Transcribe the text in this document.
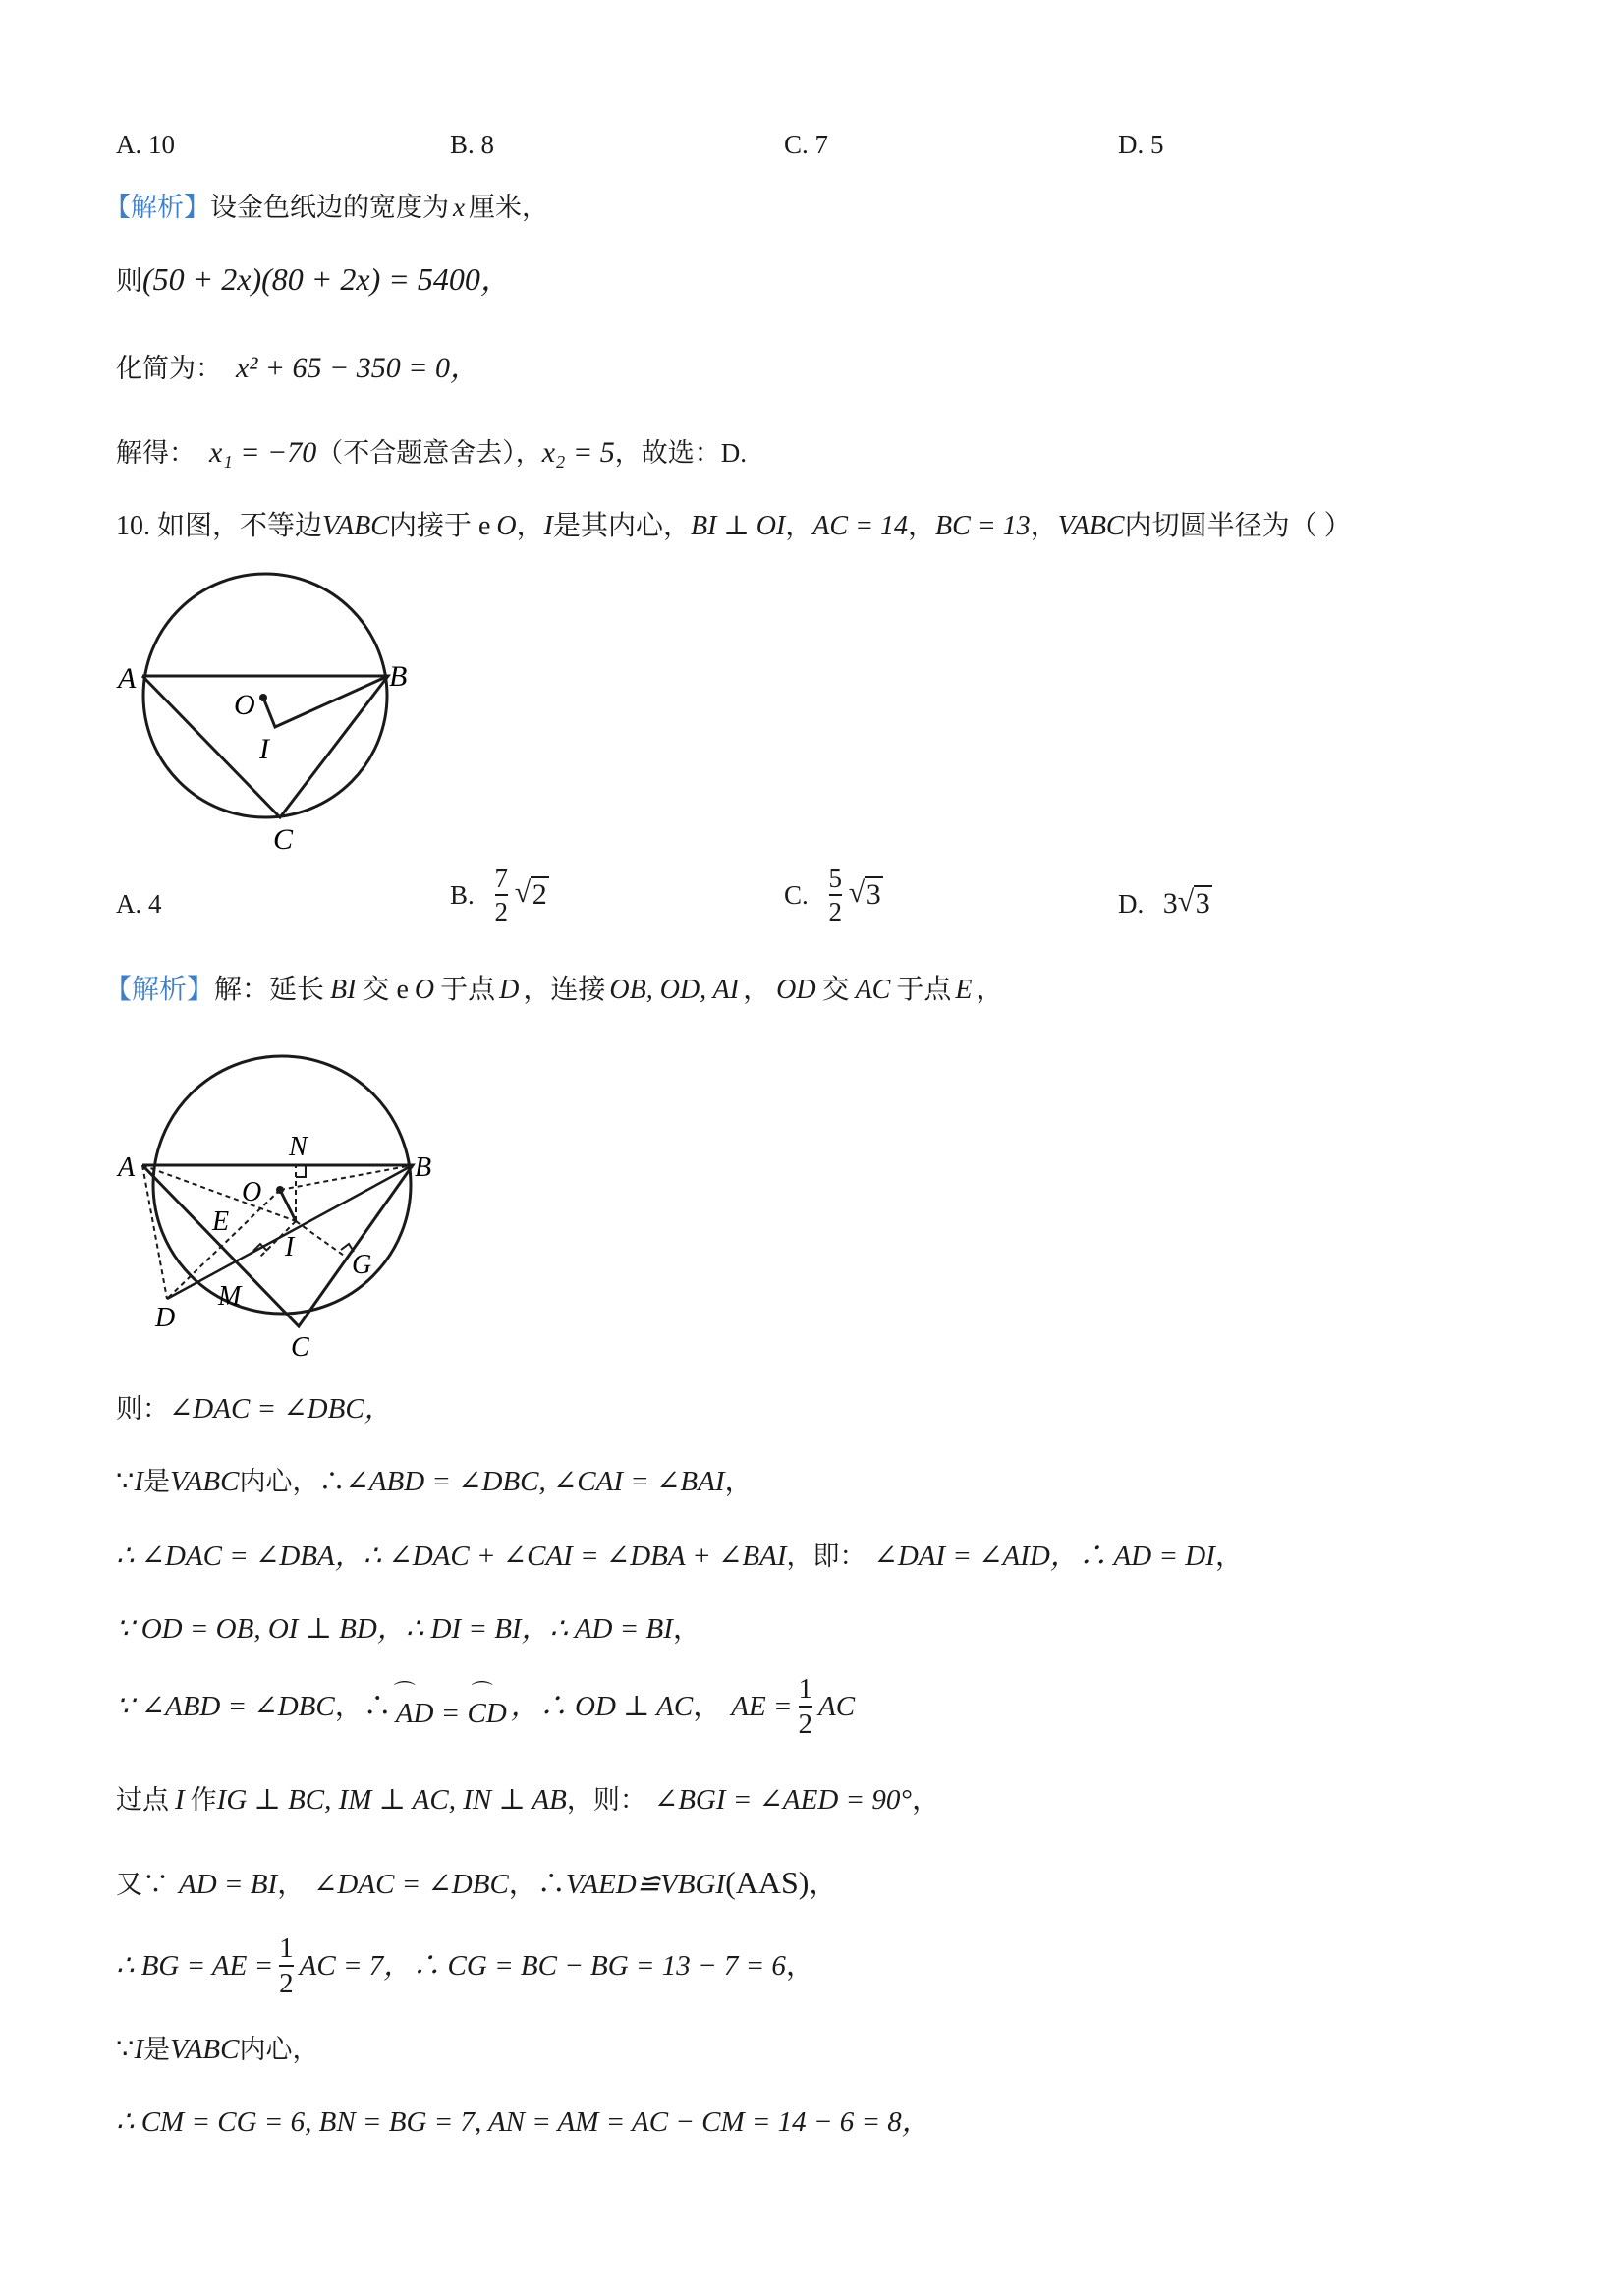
A. 10	B. 8	C. 7	D. 5
【解析】设金色纸边的宽度为 x 厘米，
则(50 + 2x)(80 + 2x) = 5400，
化简为： x² + 65 − 350 = 0，
解得： x₁ = −70（不合题意舍去），x₂ = 5，故选：D.
10. 如图，不等边VABC内接于 e O，I是其内心，BI ⊥ OI，AC = 14，BC = 13，VABC内切圆半径为（ ）
A	B
O
I
C
A. 4	B. $\frac{7}{2}$
√ 2	C. $\frac{5}{2}$
√ 3	D. 3 √ 3
【解析】解：延长 BI 交 e O 于点 D ，连接 OB, OD, AI ， OD 交 AC 于点 E ，
A	B
N
O
E
I
G
D
M
C
则：∠DAC = ∠DBC，
∵I是VABC内心，∴∠ABD = ∠DBC, ∠CAI = ∠BAI，
∴ ∠DAC = ∠DBA，∴ ∠DAC + ∠CAI = ∠DBA + ∠BAI，即： ∠DAI = ∠AID，∴ AD = DI，
∵ OD = OB, OI ⊥ BD，∴ DI = BI，∴ AD = BI，
∵ ∠ABD = ∠DBC，∴ ⌒	⌒
AD = CD ，∴ OD ⊥ AC， AE = $\frac{1}{2}$ AC
过点 I 作IG ⊥ BC, IM ⊥ AC, IN ⊥ AB，则： ∠BGI = ∠AED = 90°，
又∵ AD = BI， ∠DAC = ∠DBC，∴VAED≌VBGI(AAS)，
∴ BG = AE = $\frac{1}{2}$ AC = 7，∴ CG = BC − BG = 13 − 7 = 6，
∵I是VABC内心，
∴ CM = CG = 6, BN = BG = 7, AN = AM = AC − CM = 14 − 6 = 8，
